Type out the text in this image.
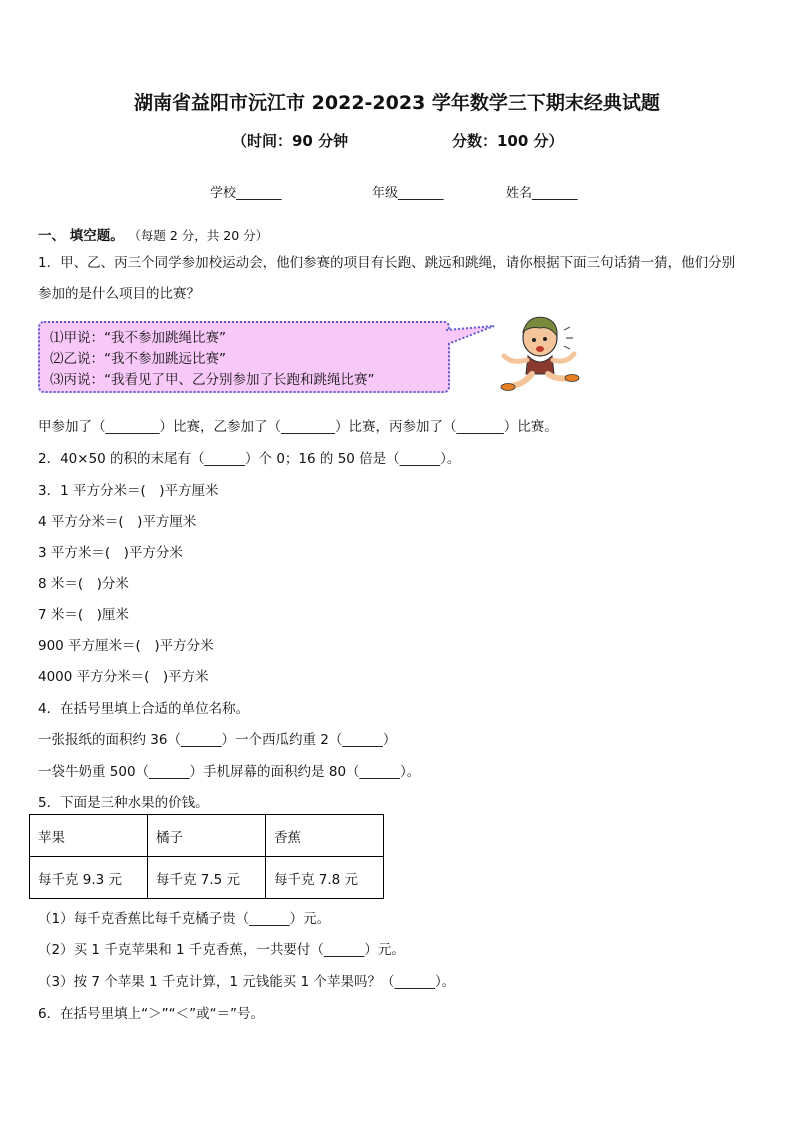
湖南省益阳市沅江市 2022-2023 学年数学三下期末经典试题
（时间：90 分钟	分数：100 分）
学校_______	年级_______	姓名_______
一、 填空题。 （每题 2 分，共 20 分）
1．甲、乙、丙三个同学参加校运动会，他们参赛的项目有长跑、跳远和跳绳，请你根据下面三句话猜一猜，他们分别
参加的是什么项目的比赛？
⑴甲说：“我不参加跳绳比赛”
⑵乙说：“我不参加跳远比赛”
⑶丙说：“我看见了甲、乙分别参加了长跑和跳绳比赛”
甲参加了（________）比赛，乙参加了（________）比赛，丙参加了（_______）比赛。
2．40×50 的积的末尾有（______）个 0；16 的 50 倍是（______）。
3．1 平方分米＝(　)平方厘米
4 平方分米＝(　)平方厘米
3 平方米＝(　)平方分米
8 米＝(　)分米
7 米＝(　)厘米
900 平方厘米＝(　)平方分米
4000 平方分米＝(　)平方米
4．在括号里填上合适的单位名称。
一张报纸的面积约 36（______）一个西瓜约重 2（______）
一袋牛奶重 500（______）手机屏幕的面积约是 80（______）。
5．下面是三种水果的价钱。
苹果	橘子	香蕉
每千克 9.3 元	每千克 7.5 元	每千克 7.8 元
（1）每千克香蕉比每千克橘子贵（______）元。
（2）买 1 千克苹果和 1 千克香蕉，一共要付（______）元。
（3）按 7 个苹果 1 千克计算，1 元钱能买 1 个苹果吗？（______）。
6．在括号里填上“＞”“＜”或“＝”号。
